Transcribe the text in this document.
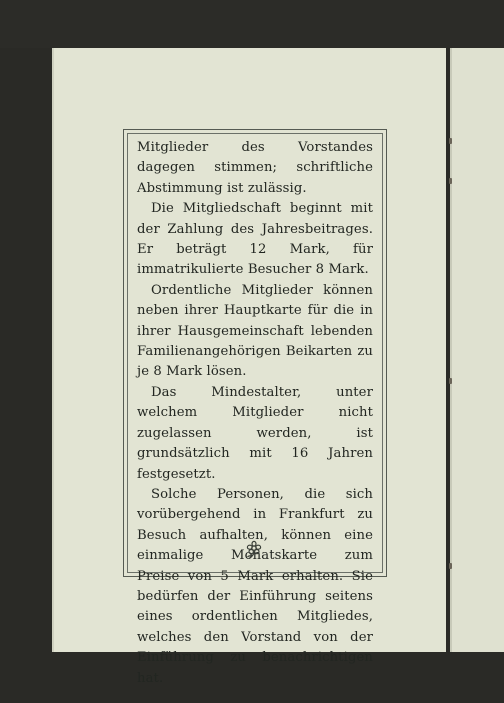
Mitglieder des Vorstandes dagegen stimmen; schriftliche Abstimmung ist zulässig.

Die Mitgliedschaft beginnt mit der Zahlung des Jahresbeitrages. Er beträgt 12 Mark, für immatrikulierte Besucher 8 Mark.

Ordentliche Mitglieder können neben ihrer Hauptkarte für die in ihrer Hausgemeinschaft lebenden Familienangehörigen Beikarten zu je 8 Mark lösen.

Das Mindestalter, unter welchem Mitglieder nicht zugelassen werden, ist grundsätzlich mit 16 Jahren festgesetzt.

Solche Personen, die sich vorübergehend in Frankfurt zu Besuch aufhalten, können eine einmalige Monatskarte zum Preise von 5 Mark erhalten. Sie bedürfen der Einführung seitens eines ordentlichen Mitgliedes, welches den Vorstand von der Einführung zu benachrichtigen hat.
